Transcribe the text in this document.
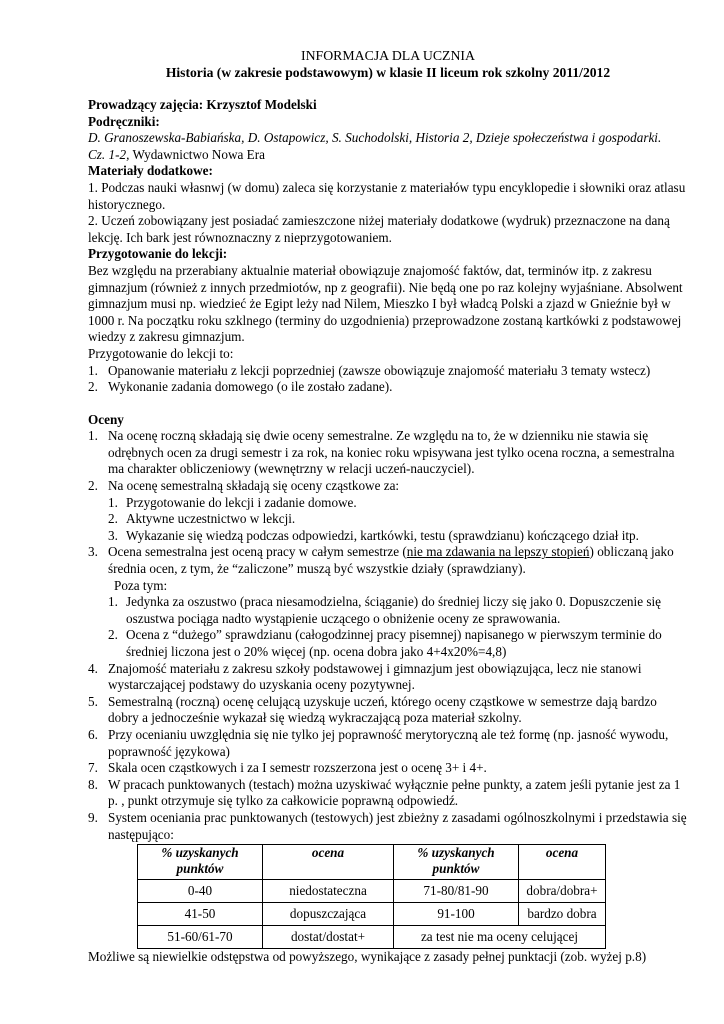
INFORMACJA DLA UCZNIA
Historia (w zakresie podstawowym) w klasie II liceum rok szkolny 2011/2012

Prowadzący zajęcia: Krzysztof Modelski

Podręczniki:

D. Granoszewska-Babiańska, D. Ostapowicz, S. Suchodolski, Historia 2, Dzieje społeczeństwa i gospodarki.

Cz. 1-2, Wydawnictwo Nowa Era

Materiały dodatkowe:

1. Podczas nauki własnwj (w domu) zaleca się korzystanie z materiałów typu encyklopedie i słowniki oraz atlasu historycznego.

2. Uczeń zobowiązany jest posiadać zamieszczone niżej materiały dodatkowe (wydruk) przeznaczone na daną lekcję. Ich bark jest równoznaczny z nieprzygotowaniem.

Przygotowanie do lekcji:

Bez względu na przerabiany aktualnie materiał obowiązuje znajomość faktów, dat, terminów itp. z zakresu gimnazjum (również z innych przedmiotów, np z geografii). Nie będą one po raz kolejny wyjaśniane. Absolwent gimnazjum musi np. wiedzieć że Egipt leży nad Nilem, Mieszko I był władcą Polski a zjazd w Gnieźnie był w 1000 r. Na początku roku szklnego (terminy do uzgodnienia) przeprowadzone zostaną kartkówki z podstawowej wiedzy z zakresu gimnazjum.

Przygotowanie do lekcji to:

1. Opanowanie materiału z lekcji poprzedniej (zawsze obowiązuje znajomość materiału 3 tematy wstecz)
2. Wykonanie zadania domowego (o ile zostało zadane).

Oceny

1. Na ocenę roczną składają się dwie oceny semestralne. Ze względu na to, że w dzienniku nie stawia się odrębnych ocen za drugi semestr i za rok, na koniec roku wpisywana jest tylko ocena roczna, a semestralna ma charakter obliczeniowy (wewnętrzny w relacji uczeń-nauczyciel).
2. Na ocenę semestralną składają się oceny cząstkowe za:
1. Przygotowanie do lekcji i zadanie domowe.
2. Aktywne uczestnictwo w lekcji.
3. Wykazanie się wiedzą podczas odpowiedzi, kartkówki, testu (sprawdzianu) kończącego dział itp.
3. Ocena semestralna jest oceną pracy w całym semestrze (nie ma zdawania na lepszy stopień) obliczaną jako średnia ocen, z tym, że “zaliczone” muszą być wszystkie działy (sprawdziany).
Poza tym:
1. Jedynka za oszustwo (praca niesamodzielna, ściąganie) do średniej liczy się jako 0. Dopuszczenie się oszustwa pociąga nadto wystąpienie uczącego o obniżenie oceny ze sprawowania.
2. Ocena z “dużego” sprawdzianu (całogodzinnej pracy pisemnej) napisanego w pierwszym terminie do średniej liczona jest o 20% więcej (np. ocena dobra jako 4+4x20%=4,8)
4. Znajomość materiału z zakresu szkoły podstawowej i gimnazjum jest obowiązująca, lecz nie stanowi wystarczającej podstawy do uzyskania oceny pozytywnej.
5. Semestralną (roczną) ocenę celującą uzyskuje uczeń, którego oceny cząstkowe w semestrze dają bardzo dobry a jednocześnie wykazał się wiedzą wykraczającą poza materiał szkolny.
6. Przy ocenianiu uwzględnia się nie tylko jej poprawność merytoryczną ale też formę (np. jasność wywodu, poprawność językowa)
7. Skala ocen cząstkowych i za I semestr rozszerzona jest o ocenę 3+ i 4+.
8. W pracach punktowanych (testach) można uzyskiwać wyłącznie pełne punkty, a zatem jeśli pytanie jest za 1 p. , punkt otrzymuje się tylko za całkowicie poprawną odpowiedź.
9. System oceniania prac punktowanych (testowych) jest zbieżny z zasadami ogólnoszkolnymi i przedstawia się następująco:
% uzyskanych punktów	ocena	% uzyskanych punktów	ocena
0-40	niedostateczna	71-80/81-90	dobra/dobra+
41-50	dopuszczająca	91-100	bardzo dobra
51-60/61-70	dostat/dostat+	za test nie ma oceny celującej	

Możliwe są niewielkie odstępstwa od powyższego, wynikające z zasady pełnej punktacji (zob. wyżej p.8)
